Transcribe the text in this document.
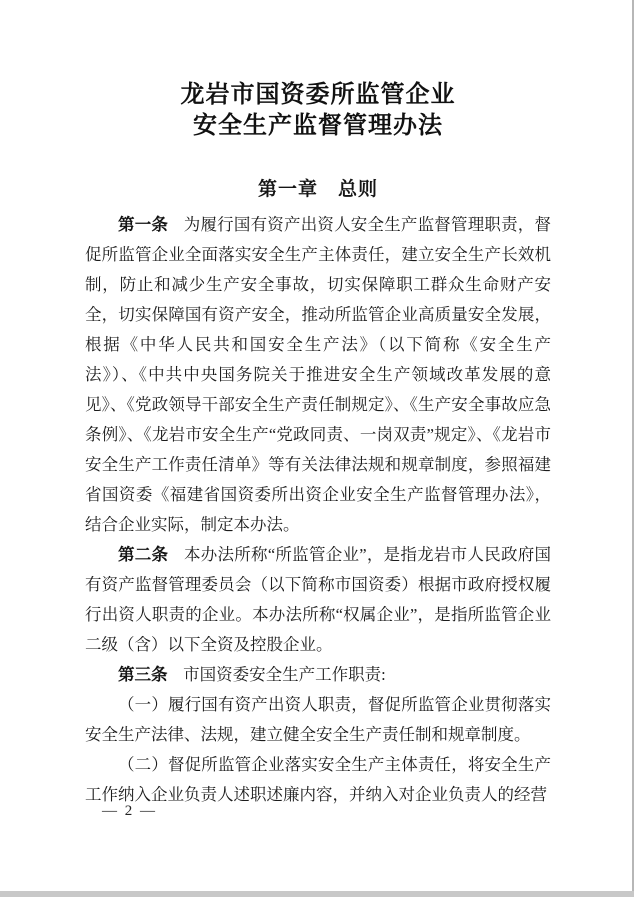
龙岩市国资委所监管企业
安全生产监督管理办法
第一章　总则

第一条 为履行国有资产出资人安全生产监督管理职责，督促所监管企业全面落实安全生产主体责任，建立安全生产长效机制，防止和减少生产安全事故，切实保障职工群众生命财产安全，切实保障国有资产安全，推动所监管企业高质量安全发展，根据《中华人民共和国安全生产法》（以下简称《安全生产法》）、《中共中央国务院关于推进安全生产领域改革发展的意见》、《党政领导干部安全生产责任制规定》、《生产安全事故应急条例》、《龙岩市安全生产“党政同责、一岗双责”规定》、《龙岩市安全生产工作责任清单》等有关法律法规和规章制度，参照福建省国资委《福建省国资委所出资企业安全生产监督管理办法》，结合企业实际，制定本办法。

第二条 本办法所称“所监管企业”，是指龙岩市人民政府国有资产监督管理委员会（以下简称市国资委）根据市政府授权履行出资人职责的企业。本办法所称“权属企业”，是指所监管企业二级（含）以下全资及控股企业。

第三条 市国资委安全生产工作职责:

（一）履行国有资产出资人职责，督促所监管企业贯彻落实安全生产法律、法规，建立健全安全生产责任制和规章制度。

（二）督促所监管企业落实安全生产主体责任，将安全生产工作纳入企业负责人述职述廉内容，并纳入对企业负责人的经营

— 2 —
